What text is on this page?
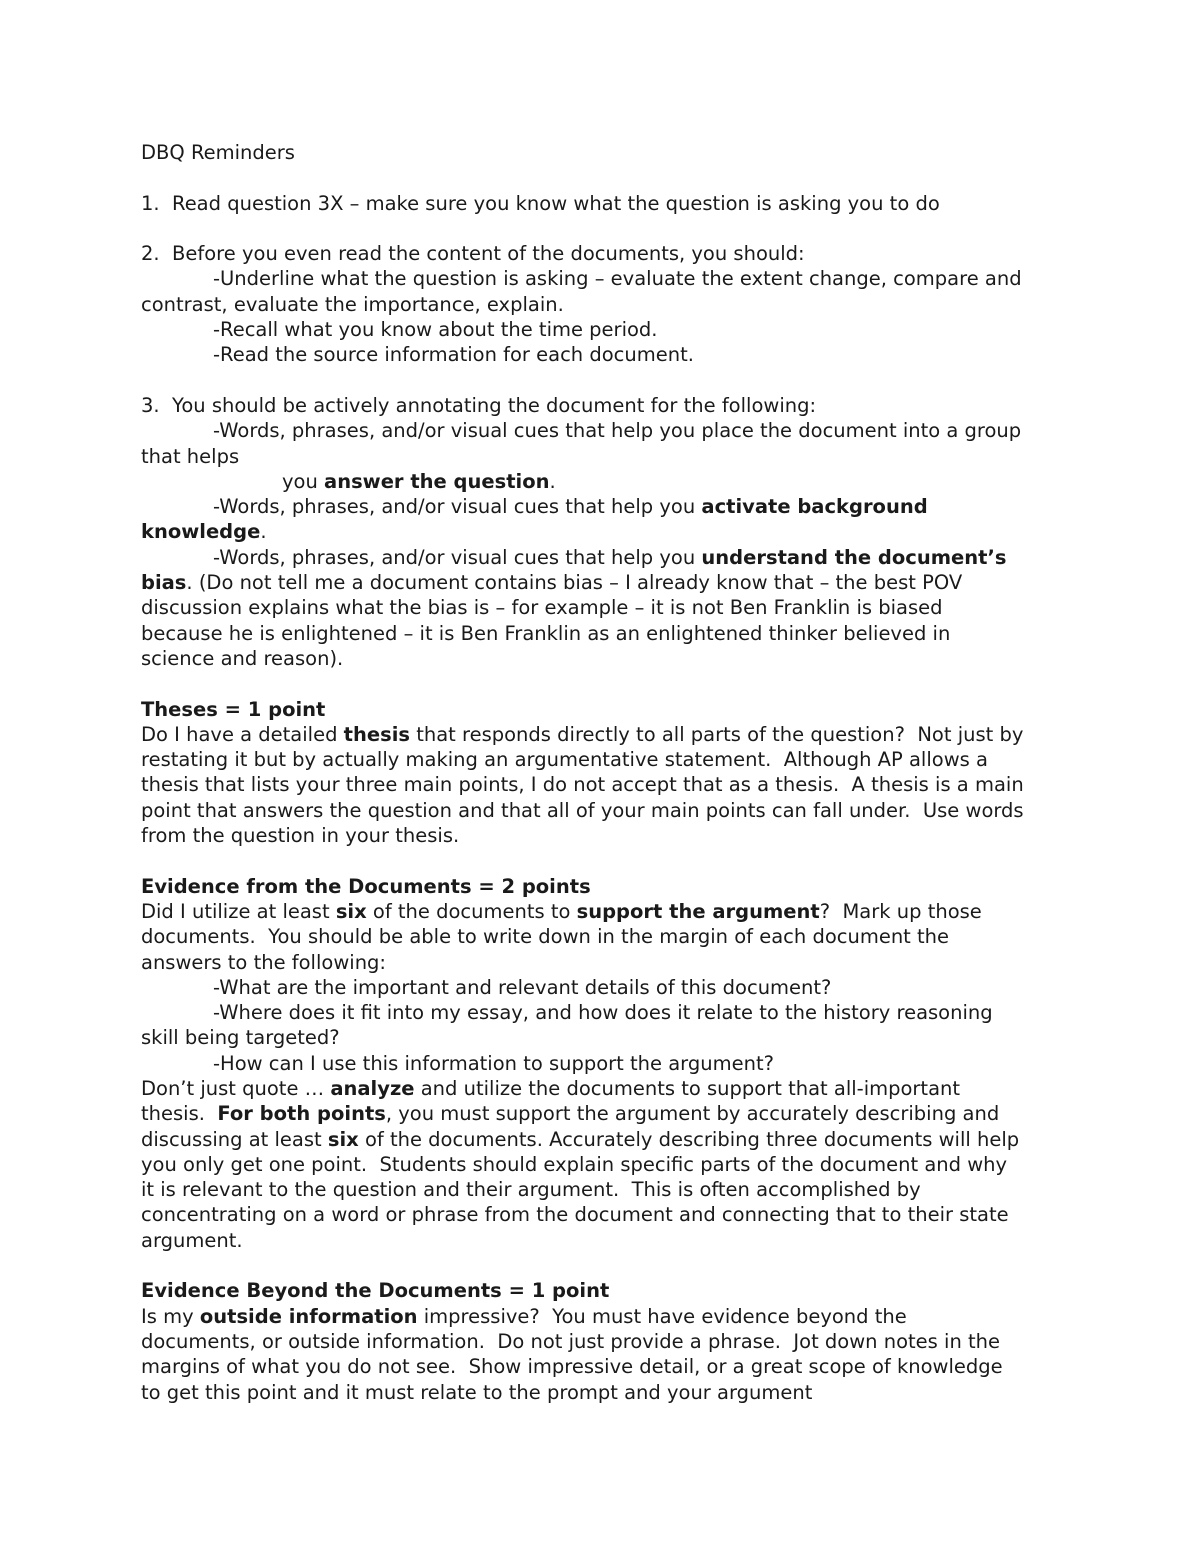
DBQ Reminders
1. Read question 3X – make sure you know what the question is asking you to do
2. Before you even read the content of the documents, you should:
-Underline what the question is asking – evaluate the extent change, compare and
contrast, evaluate the importance, explain.
-Recall what you know about the time period.
-Read the source information for each document.
3. You should be actively annotating the document for the following:
-Words, phrases, and/or visual cues that help you place the document into a group
that helps
you answer the question.
-Words, phrases, and/or visual cues that help you activate background
knowledge.
-Words, phrases, and/or visual cues that help you understand the document’s
bias. (Do not tell me a document contains bias – I already know that – the best POV
discussion explains what the bias is – for example – it is not Ben Franklin is biased
because he is enlightened – it is Ben Franklin as an enlightened thinker believed in
science and reason).
Theses = 1 point
Do I have a detailed thesis that responds directly to all parts of the question?  Not just by
restating it but by actually making an argumentative statement.  Although AP allows a
thesis that lists your three main points, I do not accept that as a thesis.  A thesis is a main
point that answers the question and that all of your main points can fall under.  Use words
from the question in your thesis.
Evidence from the Documents = 2 points
Did I utilize at least six of the documents to support the argument?  Mark up those
documents.  You should be able to write down in the margin of each document the
answers to the following:
-What are the important and relevant details of this document?
-Where does it fit into my essay, and how does it relate to the history reasoning
skill being targeted?
-How can I use this information to support the argument?
Don’t just quote … analyze and utilize the documents to support that all-important
thesis.  For both points, you must support the argument by accurately describing and
discussing at least six of the documents. Accurately describing three documents will help
you only get one point.  Students should explain specific parts of the document and why
it is relevant to the question and their argument.  This is often accomplished by
concentrating on a word or phrase from the document and connecting that to their state
argument.
Evidence Beyond the Documents = 1 point
Is my outside information impressive?  You must have evidence beyond the
documents, or outside information.  Do not just provide a phrase.  Jot down notes in the
margins of what you do not see.  Show impressive detail, or a great scope of knowledge
to get this point and it must relate to the prompt and your argument
